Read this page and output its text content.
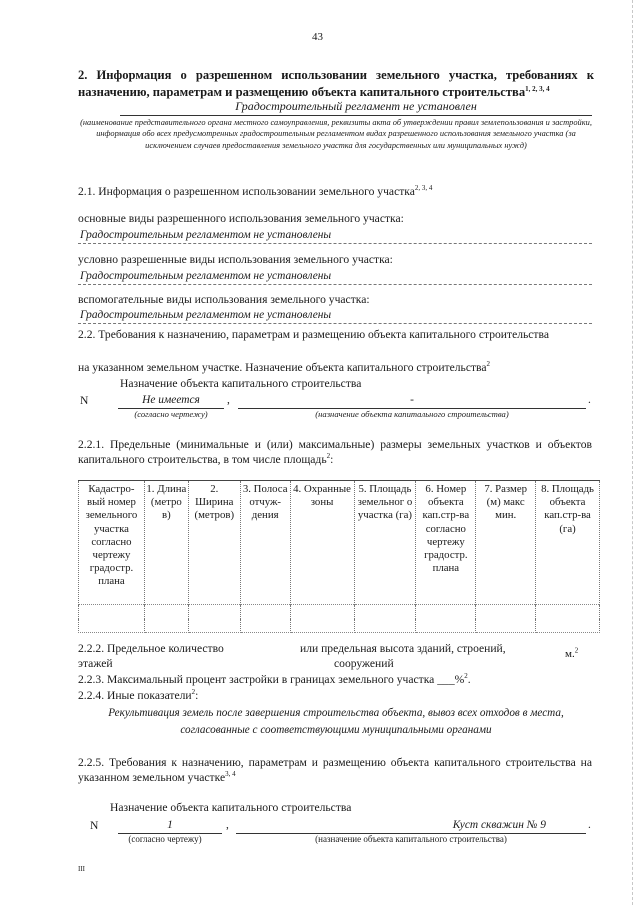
43
2. Информация о разрешенном использовании земельного участка, требованиях к назначению, параметрам и размещению объекта капитального строительства$^{1, 2, 3, 4}$
Градостроительный регламент не установлен
(наименование представительного органа местного самоуправления, реквизиты акта об утверждении правил землепользования и застройки, информация обо всех предусмотренных градостроительным регламентом видах разрешенного использования земельного участка (за исключением случаев предоставления земельного участка для государственных или муниципальных нужд)
2.1. Информация о разрешенном использовании земельного участка$^{2, 3, 4}$
основные виды разрешенного использования земельного участка:
Градостроительным регламентом не установлены
условно разрешенные виды использования земельного участка:
Градостроительным регламентом не установлены
вспомогательные виды использования земельного участка:
Градостроительным регламентом не установлены
2.2. Требования к назначению, параметрам и размещению объекта капитального строительства
на указанном земельном участке. Назначение объекта капитального строительства$^2$
Назначение объекта капитального строительства
N	Не имеется	,	-	.
(согласно чертежу)	(назначение объекта капитального строительства)
2.2.1. Предельные (минимальные и (или) максимальные) размеры земельных участков и объектов капитального строительства, в том числе площадь$^2$:
Кадастро-вый номер земельного участка согласно чертежу градостр. плана	1. Длина (метро в)	2. Ширина (метров)	3. Полоса отчуж-дения	4. Охранные зоны	5. Площадь земельног о участка (га)	6. Номер объекта кап.стр-ва согласно чертежу градостр. плана	7. Размер (м) макс мин.	8. Площадь объекта кап.стр-ва (га)

2.2.2. Предельное количество	или предельная высота зданий, строений,
этажей	сооружений
м.$^2$
2.2.3. Максимальный процент застройки в границах земельного участка ___%$^2$.
2.2.4. Иные показатели$^2$:
Рекультивация земель после завершения строительства объекта, вывоз всех отходов в места, согласованные с соответствующими муниципальными органами
2.2.5. Требования к назначению, параметрам и размещению объекта капитального строительства на указанном земельном участке$^{3, 4}$
Назначение объекта капитального строительства
N	1	,	Куст скважин № 9	.
(согласно чертежу)	(назначение объекта капитального строительства)
III
